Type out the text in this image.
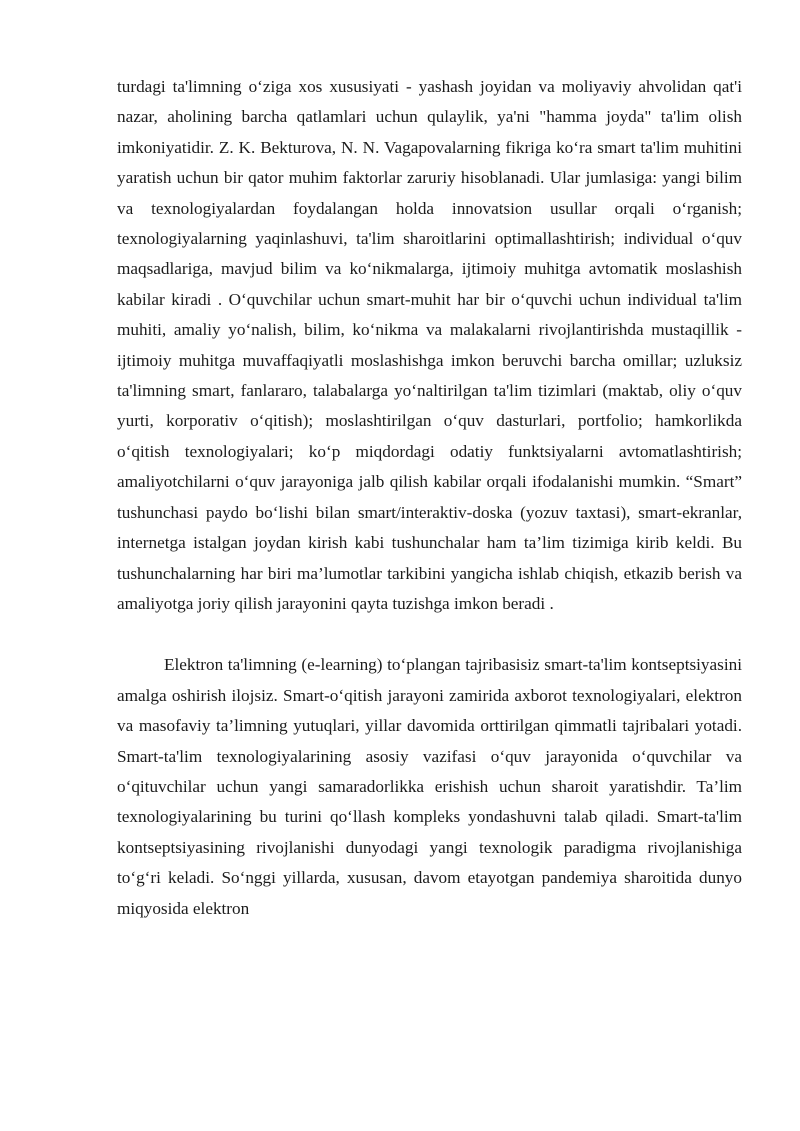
turdagi ta'limning o‘ziga xos xususiyati - yashash joyidan va moliyaviy ahvolidan qat'i nazar, aholining barcha qatlamlari uchun qulaylik, ya'ni "hamma joyda" ta'lim olish imkoniyatidir. Z. K. Bekturova, N. N. Vagapovalarning fikriga ko‘ra smart ta'lim muhitini yaratish uchun bir qator muhim faktorlar zaruriy hisoblanadi. Ular jumlasiga: yangi bilim va texnologiyalardan foydalangan holda innovatsion usullar orqali o‘rganish; texnologiyalarning yaqinlashuvi, ta'lim sharoitlarini optimallashtirish; individual o‘quv maqsadlariga, mavjud bilim va ko‘nikmalarga, ijtimoiy muhitga avtomatik moslashish kabilar kiradi . O‘quvchilar uchun smart-muhit har bir o‘quvchi uchun individual ta'lim muhiti, amaliy yo‘nalish, bilim, ko‘nikma va malakalarni rivojlantirishda mustaqillik - ijtimoiy muhitga muvaffaqiyatli moslashishga imkon beruvchi barcha omillar; uzluksiz ta'limning smart, fanlararo, talabalarga yo‘naltirilgan ta'lim tizimlari (maktab, oliy o‘quv yurti, korporativ o‘qitish); moslashtirilgan o‘quv dasturlari, portfolio; hamkorlikda o‘qitish texnologiyalari; ko‘p miqdordagi odatiy funktsiyalarni avtomatlashtirish; amaliyotchilarni o‘quv jarayoniga jalb qilish kabilar orqali ifodalanishi mumkin. “Smart” tushunchasi paydo bo‘lishi bilan smart/interaktiv-doska (yozuv taxtasi), smart-ekranlar, internetga istalgan joydan kirish kabi tushunchalar ham ta’lim tizimiga kirib keldi. Bu tushunchalarning har biri ma’lumotlar tarkibini yangicha ishlab chiqish, etkazib berish va amaliyotga joriy qilish jarayonini qayta tuzishga imkon beradi .

Elektron ta'limning (e-learning) to‘plangan tajribasisiz smart-ta'lim kontseptsiyasini amalga oshirish ilojsiz. Smart-o‘qitish jarayoni zamirida axborot texnologiyalari, elektron va masofaviy ta’limning yutuqlari, yillar davomida orttirilgan qimmatli tajribalari yotadi. Smart-ta'lim texnologiyalarining asosiy vazifasi o‘quv jarayonida o‘quvchilar va o‘qituvchilar uchun yangi samaradorlikka erishish uchun sharoit yaratishdir. Ta’lim texnologiyalarining bu turini qo‘llash kompleks yondashuvni talab qiladi. Smart-ta'lim kontseptsiyasining rivojlanishi dunyodagi yangi texnologik paradigma rivojlanishiga to‘g‘ri keladi. So‘nggi yillarda, xususan, davom etayotgan pandemiya sharoitida dunyo miqyosida elektron
